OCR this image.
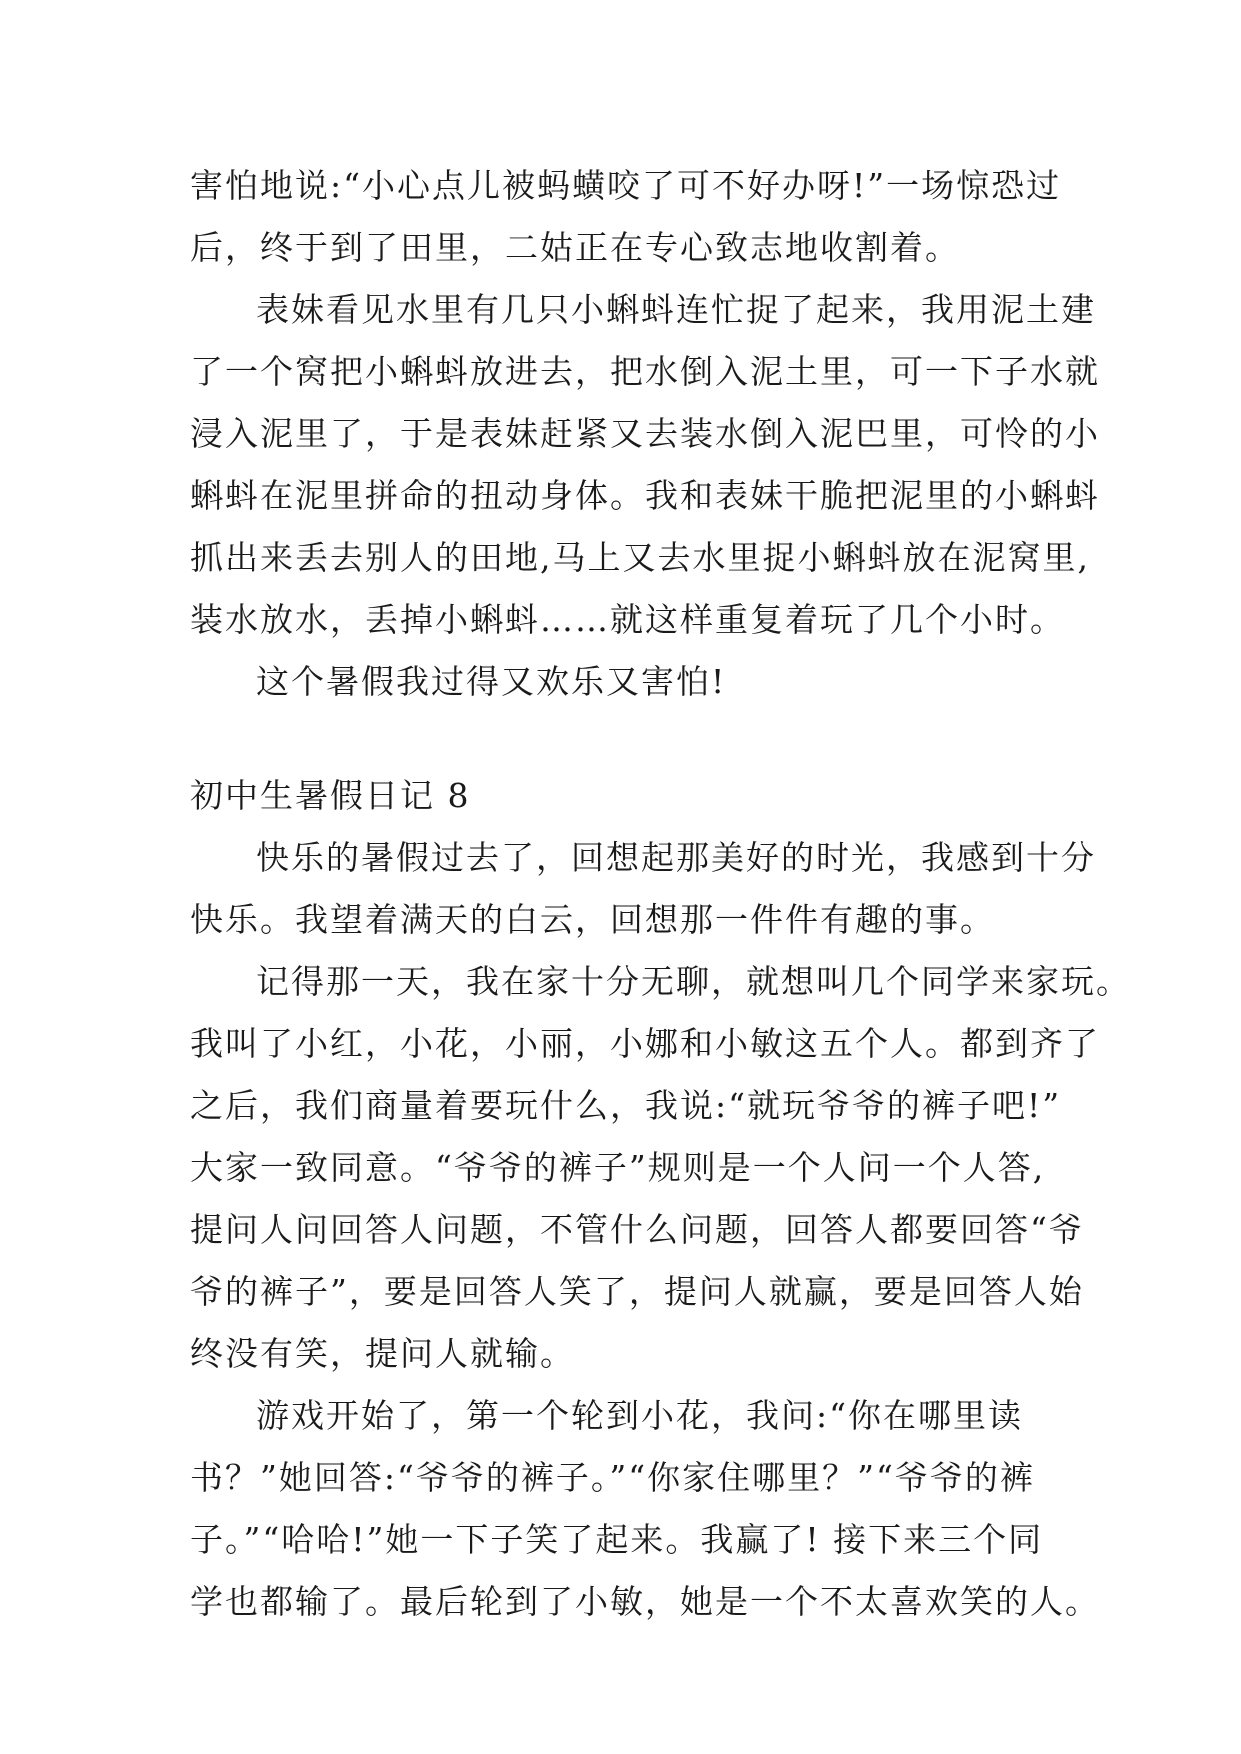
害怕地说:“小心点儿被蚂蟥咬了可不好办呀!”一场惊恐过
后，终于到了田里，二姑正在专心致志地收割着。
表妹看见水里有几只小蝌蚪连忙捉了起来，我用泥土建
了一个窝把小蝌蚪放进去，把水倒入泥土里，可一下子水就
浸入泥里了，于是表妹赶紧又去装水倒入泥巴里，可怜的小
蝌蚪在泥里拼命的扭动身体。我和表妹干脆把泥里的小蝌蚪
抓出来丢去别人的田地,马上又去水里捉小蝌蚪放在泥窝里,
装水放水，丢掉小蝌蚪……就这样重复着玩了几个小时。
这个暑假我过得又欢乐又害怕!
初中生暑假日记 8
快乐的暑假过去了，回想起那美好的时光，我感到十分
快乐。我望着满天的白云，回想那一件件有趣的事。
记得那一天，我在家十分无聊，就想叫几个同学来家玩。
我叫了小红，小花，小丽，小娜和小敏这五个人。都到齐了
之后，我们商量着要玩什么，我说:“就玩爷爷的裤子吧!”
大家一致同意。“爷爷的裤子”规则是一个人问一个人答,
提问人问回答人问题，不管什么问题，回答人都要回答“爷
爷的裤子”，要是回答人笑了，提问人就赢，要是回答人始
终没有笑，提问人就输。
游戏开始了，第一个轮到小花，我问:“你在哪里读
书？”她回答:“爷爷的裤子。”“你家住哪里？”“爷爷的裤
子。”“哈哈!”她一下子笑了起来。我赢了! 接下来三个同
学也都输了。最后轮到了小敏，她是一个不太喜欢笑的人。
